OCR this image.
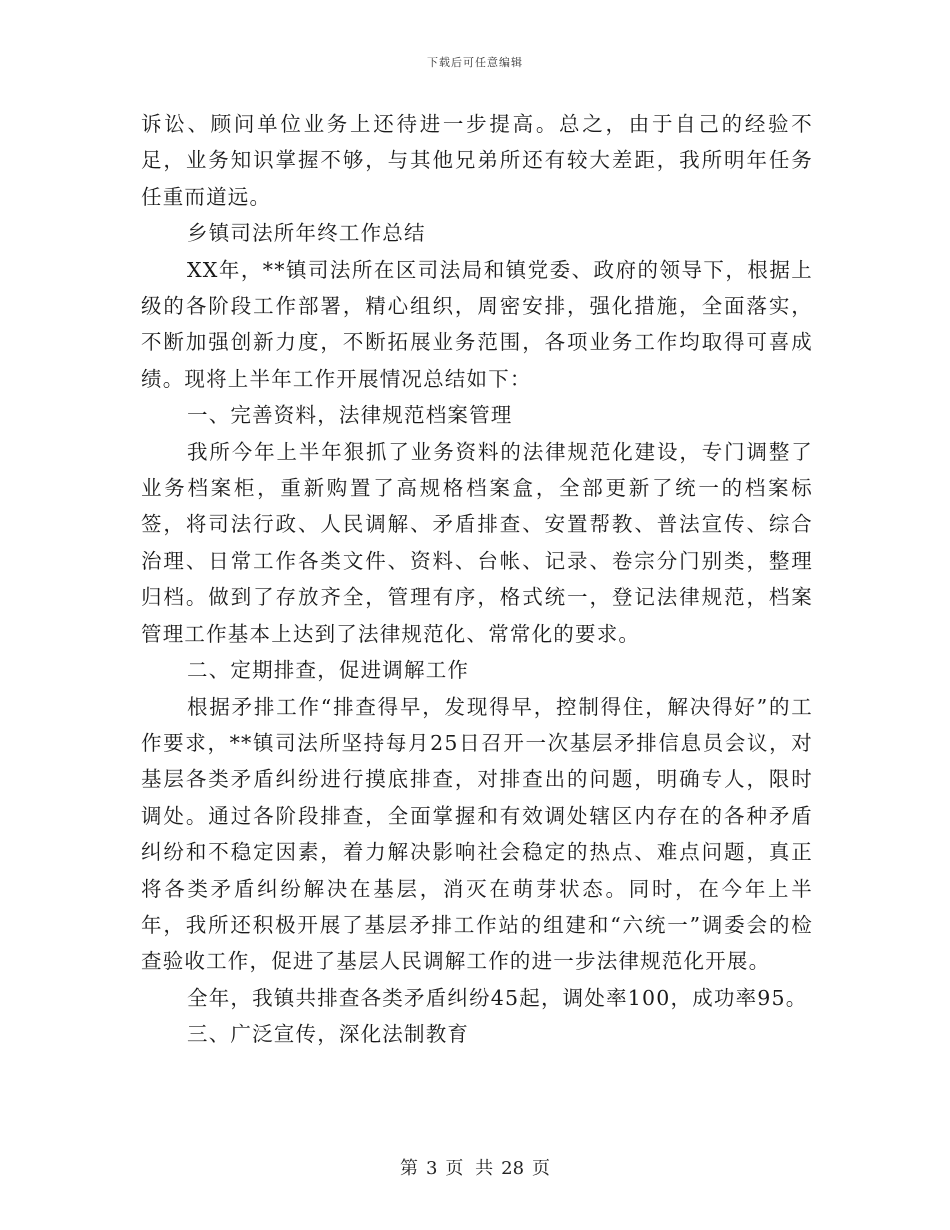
下载后可任意编辑

诉讼、顾问单位业务上还待进一步提高。总之，由于自己的经验不足，业务知识掌握不够，与其他兄弟所还有较大差距，我所明年任务任重而道远。

乡镇司法所年终工作总结

XX年，**镇司法所在区司法局和镇党委、政府的领导下，根据上级的各阶段工作部署，精心组织，周密安排，强化措施，全面落实，不断加强创新力度，不断拓展业务范围，各项业务工作均取得可喜成绩。现将上半年工作开展情况总结如下：

一、完善资料，法律规范档案管理

我所今年上半年狠抓了业务资料的法律规范化建设，专门调整了业务档案柜，重新购置了高规格档案盒，全部更新了统一的档案标签，将司法行政、人民调解、矛盾排查、安置帮教、普法宣传、综合治理、日常工作各类文件、资料、台帐、记录、卷宗分门别类，整理归档。做到了存放齐全，管理有序，格式统一，登记法律规范，档案管理工作基本上达到了法律规范化、常常化的要求。

二、定期排查，促进调解工作

根据矛排工作“排查得早，发现得早，控制得住，解决得好”的工作要求，**镇司法所坚持每月25日召开一次基层矛排信息员会议，对基层各类矛盾纠纷进行摸底排查，对排查出的问题，明确专人，限时调处。通过各阶段排查，全面掌握和有效调处辖区内存在的各种矛盾纠纷和不稳定因素，着力解决影响社会稳定的热点、难点问题，真正将各类矛盾纠纷解决在基层，消灭在萌芽状态。同时，在今年上半年，我所还积极开展了基层矛排工作站的组建和“六统一”调委会的检查验收工作，促进了基层人民调解工作的进一步法律规范化开展。

全年，我镇共排查各类矛盾纠纷45起，调处率100，成功率95。

三、广泛宣传，深化法制教育

第 3 页 共 28 页
